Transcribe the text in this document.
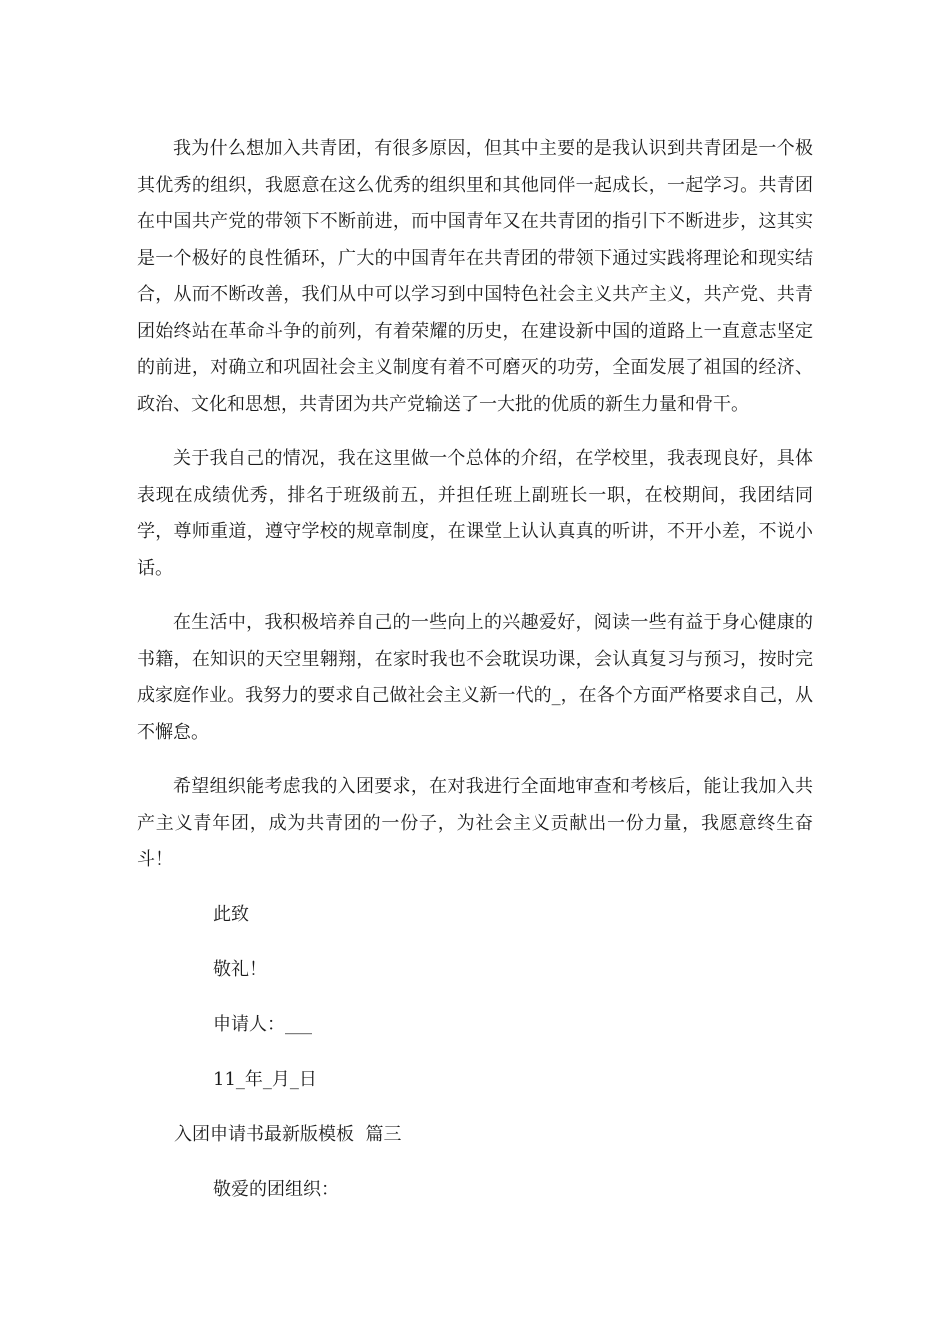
我为什么想加入共青团，有很多原因，但其中主要的是我认识到共青团是一个极其优秀的组织，我愿意在这么优秀的组织里和其他同伴一起成长，一起学习。共青团在中国共产党的带领下不断前进，而中国青年又在共青团的指引下不断进步，这其实是一个极好的良性循环，广大的中国青年在共青团的带领下通过实践将理论和现实结合，从而不断改善，我们从中可以学习到中国特色社会主义共产主义，共产党、共青团始终站在革命斗争的前列，有着荣耀的历史，在建设新中国的道路上一直意志坚定的前进，对确立和巩固社会主义制度有着不可磨灭的功劳，全面发展了祖国的经济、政治、文化和思想，共青团为共产党输送了一大批的优质的新生力量和骨干。

关于我自己的情况，我在这里做一个总体的介绍，在学校里，我表现良好，具体表现在成绩优秀，排名于班级前五，并担任班上副班长一职，在校期间，我团结同学，尊师重道，遵守学校的规章制度，在课堂上认认真真的听讲，不开小差，不说小话。

在生活中，我积极培养自己的一些向上的兴趣爱好，阅读一些有益于身心健康的书籍，在知识的天空里翱翔，在家时我也不会耽误功课，会认真复习与预习，按时完成家庭作业。我努力的要求自己做社会主义新一代的_，在各个方面严格要求自己，从不懈怠。

希望组织能考虑我的入团要求，在对我进行全面地审查和考核后，能让我加入共产主义青年团，成为共青团的一份子，为社会主义贡献出一份力量，我愿意终生奋斗！

此致
敬礼！
申请人：___
11_年_月_日
入团申请书最新版模板  篇三
敬爱的团组织：
